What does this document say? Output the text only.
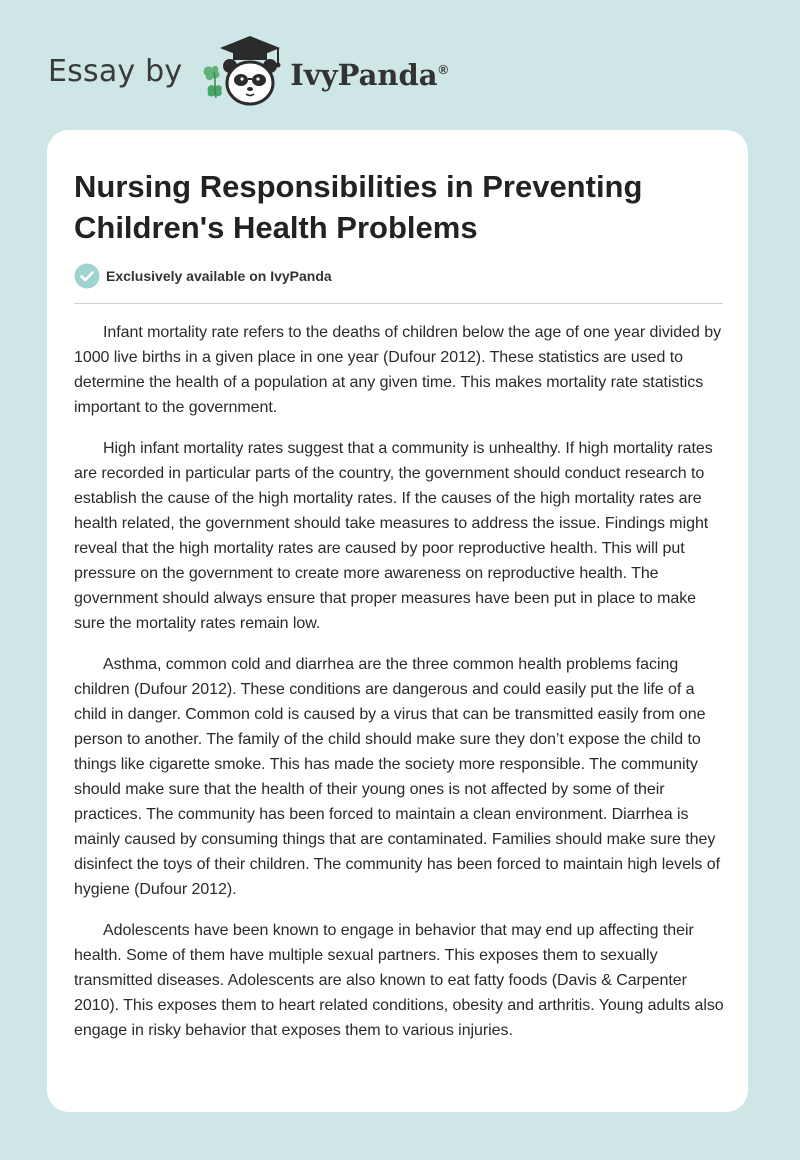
Essay by	IvyPanda®
Nursing Responsibilities in Preventing Children's Health Problems
Exclusively available on IvyPanda

Infant mortality rate refers to the deaths of children below the age of one year divided by 1000 live births in a given place in one year (Dufour 2012). These statistics are used to determine the health of a population at any given time. This makes mortality rate statistics important to the government.

High infant mortality rates suggest that a community is unhealthy. If high mortality rates are recorded in particular parts of the country, the government should conduct research to establish the cause of the high mortality rates. If the causes of the high mortality rates are health related, the government should take measures to address the issue. Findings might reveal that the high mortality rates are caused by poor reproductive health. This will put pressure on the government to create more awareness on reproductive health. The government should always ensure that proper measures have been put in place to make sure the mortality rates remain low.

Asthma, common cold and diarrhea are the three common health problems facing children (Dufour 2012). These conditions are dangerous and could easily put the life of a child in danger. Common cold is caused by a virus that can be transmitted easily from one person to another. The family of the child should make sure they don’t expose the child to things like cigarette smoke. This has made the society more responsible. The community should make sure that the health of their young ones is not affected by some of their practices. The community has been forced to maintain a clean environment. Diarrhea is mainly caused by consuming things that are contaminated. Families should make sure they disinfect the toys of their children. The community has been forced to maintain high levels of hygiene (Dufour 2012).

Adolescents have been known to engage in behavior that may end up affecting their health. Some of them have multiple sexual partners. This exposes them to sexually transmitted diseases. Adolescents are also known to eat fatty foods (Davis & Carpenter 2010). This exposes them to heart related conditions, obesity and arthritis. Young adults also engage in risky behavior that exposes them to various injuries.
